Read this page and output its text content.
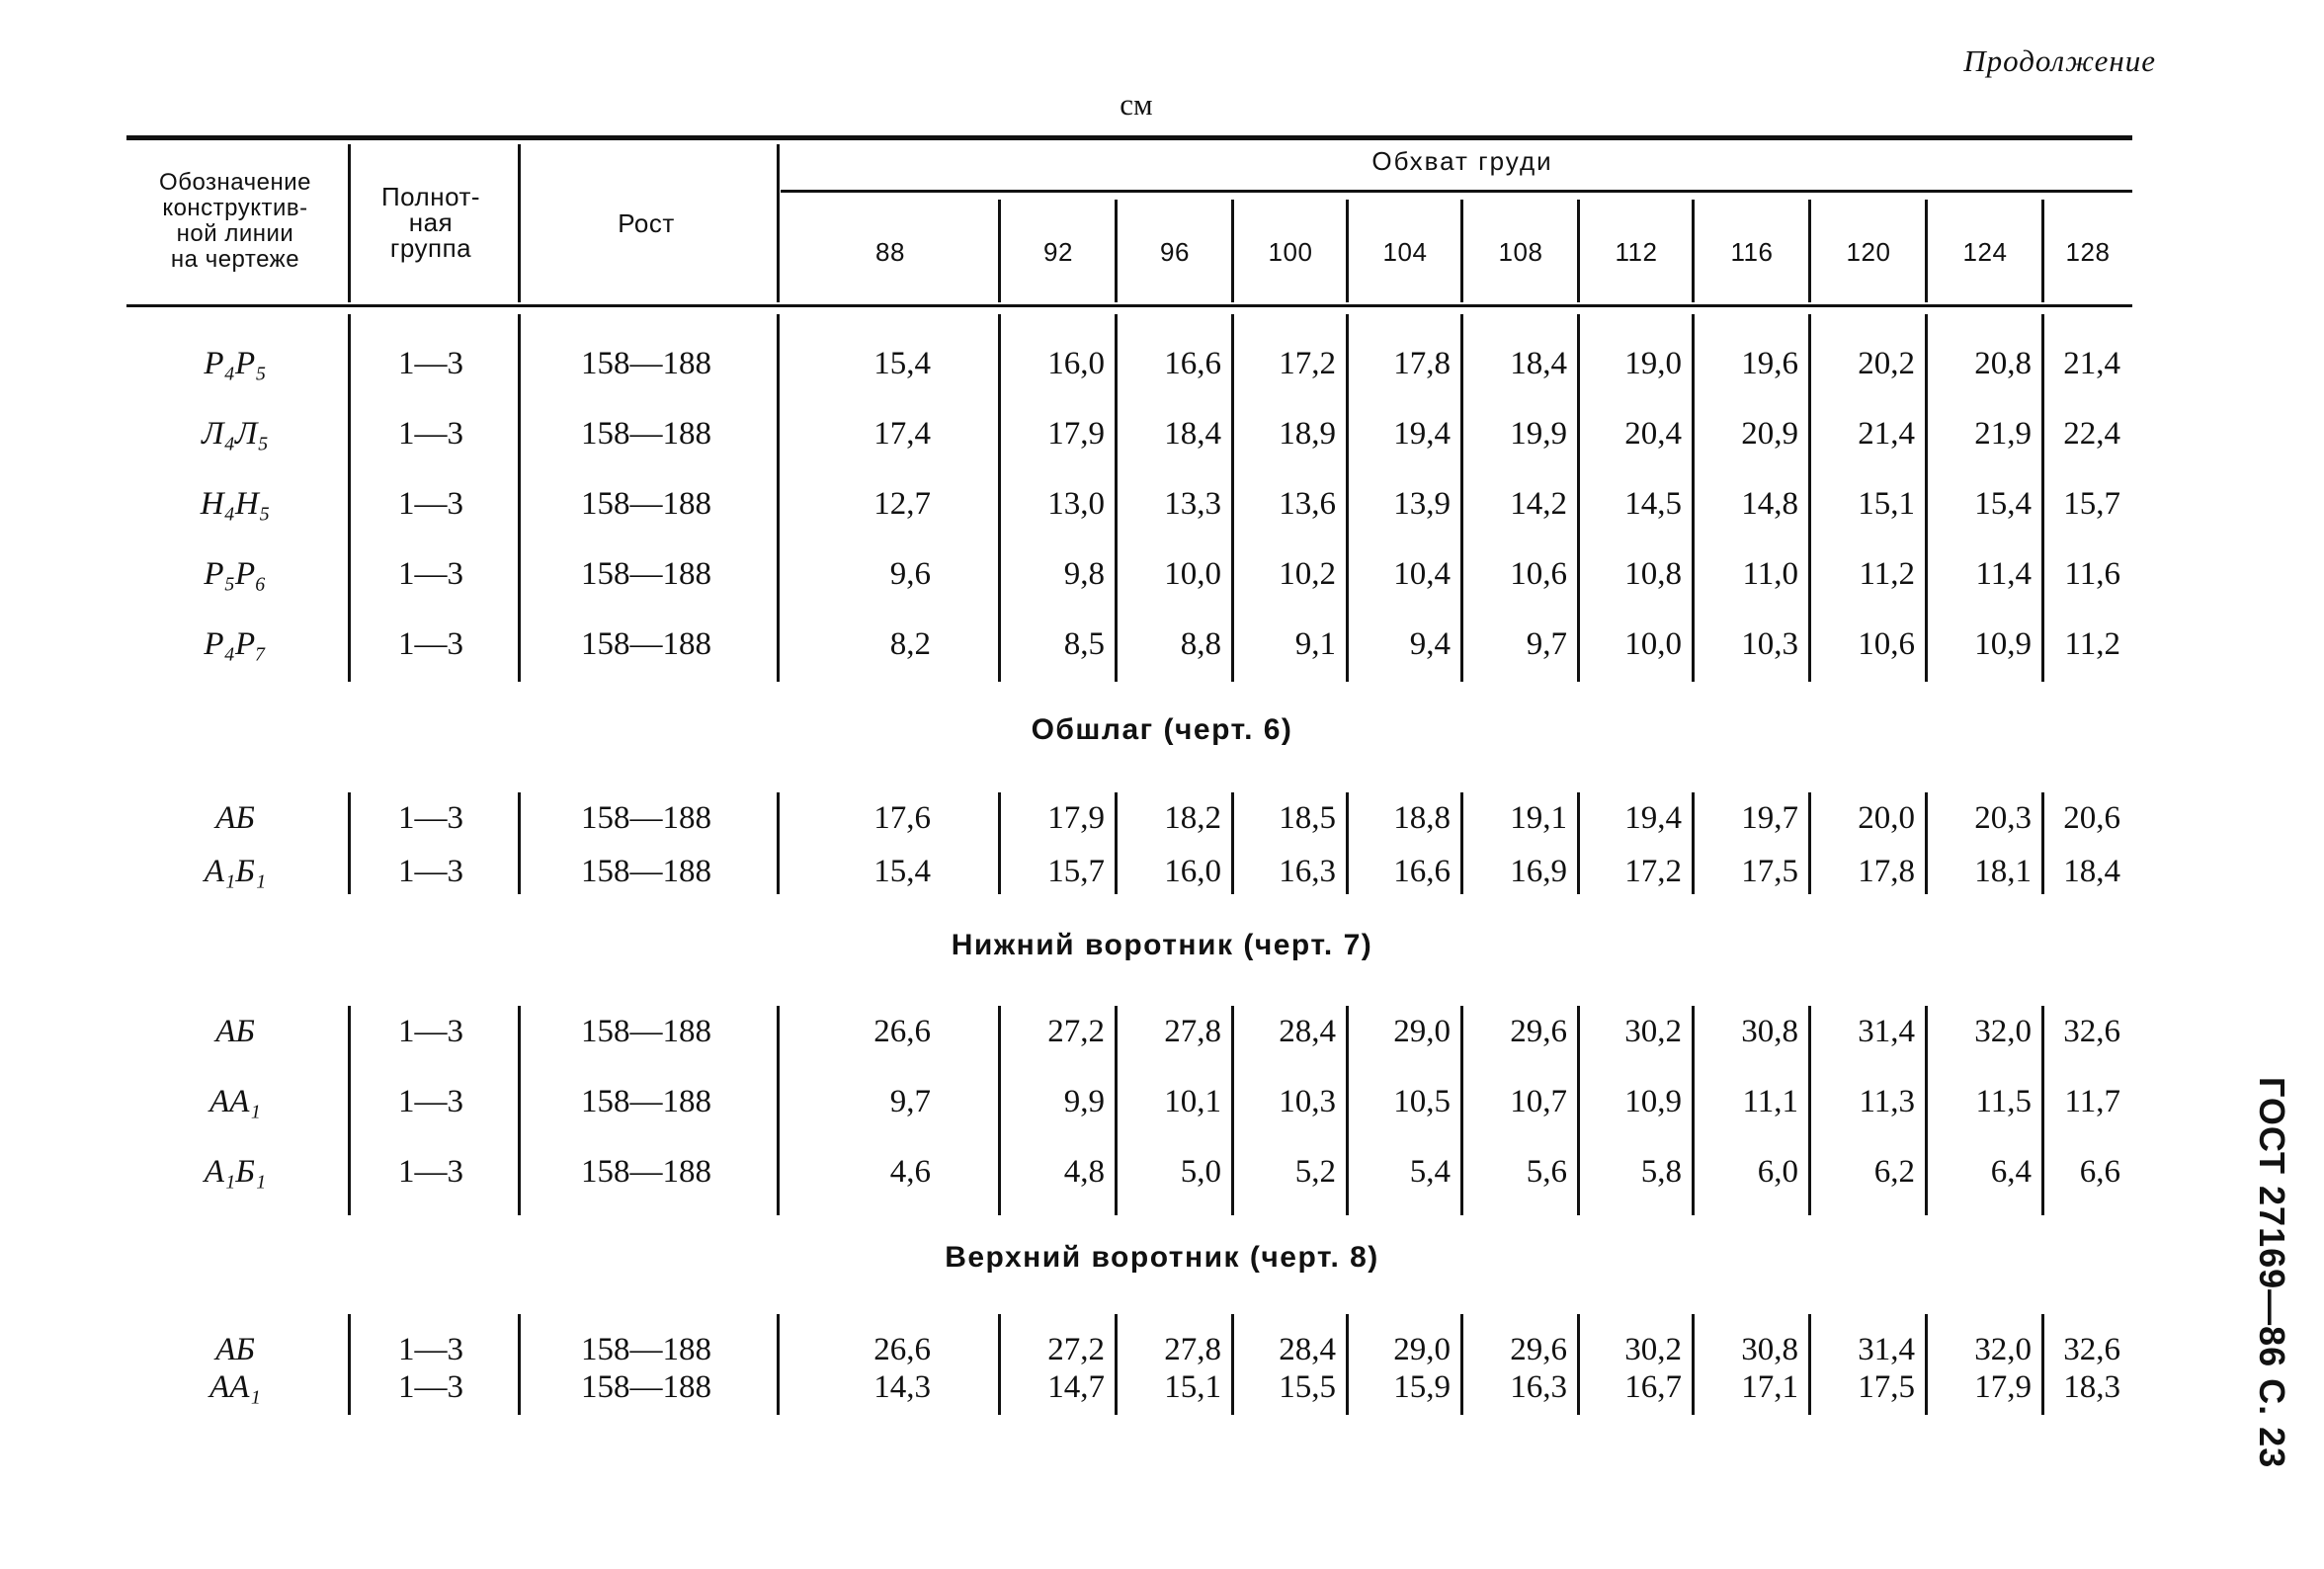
Продолжение
см
Обозначение
конструктив-
ной линии
на чертеже
Полнот-
ная
группа
Рост
Обхват груди
88	92	96	100	104	108	112	116	120	124	128
Р₄Р₅	1—3	158—188	15,4	16,0	16,6	17,2	17,8	18,4	19,0	19,6	20,2	20,8 21,4
Л₄Л₅	1—3	158—188	17,4	17,9	18,4	18,9	19,4	19,9	20,4	20,9	21,4	21,9 22,4
Н₄Н₅	1—3	158—188	12,7	13,0	13,3	13,6	13,9	14,2	14,5	14,8	15,1	15,4 15,7
Р₅Р₆	1—3	158—188	9,6	9,8	10,0	10,2	10,4	10,6	10,8	11,0	11,2	11,4	11,6
Р₄Р₇	1—3	158—188	8,2	8,5	8,8	9,1	9,4	9,7	10,0	10,3	10,6	10,9	11,2
Обшлаг (черт. 6)
АБ	1—3	158—188	17,6	17,9	18,2	18,5	18,8	19,1	19,4	19,7	20,0	20,3 20,6
А₁Б₁	1—3	158—188	15,4	15,7	16,0	16,3	16,6	16,9	17,2	17,5	17,8	18,1 18,4
Нижний воротник (черт. 7)
АБ	1—3	158—188	26,6	27,2	27,8	28,4	29,0	29,6	30,2	30,8	31,4	32,0 32,6
АА₁	1—3	158—188	9,7	9,9	10,1	10,3	10,5	10,7	10,9	11,1	11,3	11,5	11,7
А₁Б₁	1—3	158—188	4,6	4,8	5,0	5,2	5,4	5,6	5,8	6,0	6,2	6,4	6,6
Верхний воротник (черт. 8)
АБ	1—3	158—188	26,6	27,2	27,8	28,4	29,0	29,6	30,2	30,8	31,4	32,0 32,6
АА₁	1—3	158—188	14,3	14,7	15,1	15,5	15,9	16,3	16,7	17,1	17,5	17,9 18,3	ГОСТ 27169—86 С. 23
